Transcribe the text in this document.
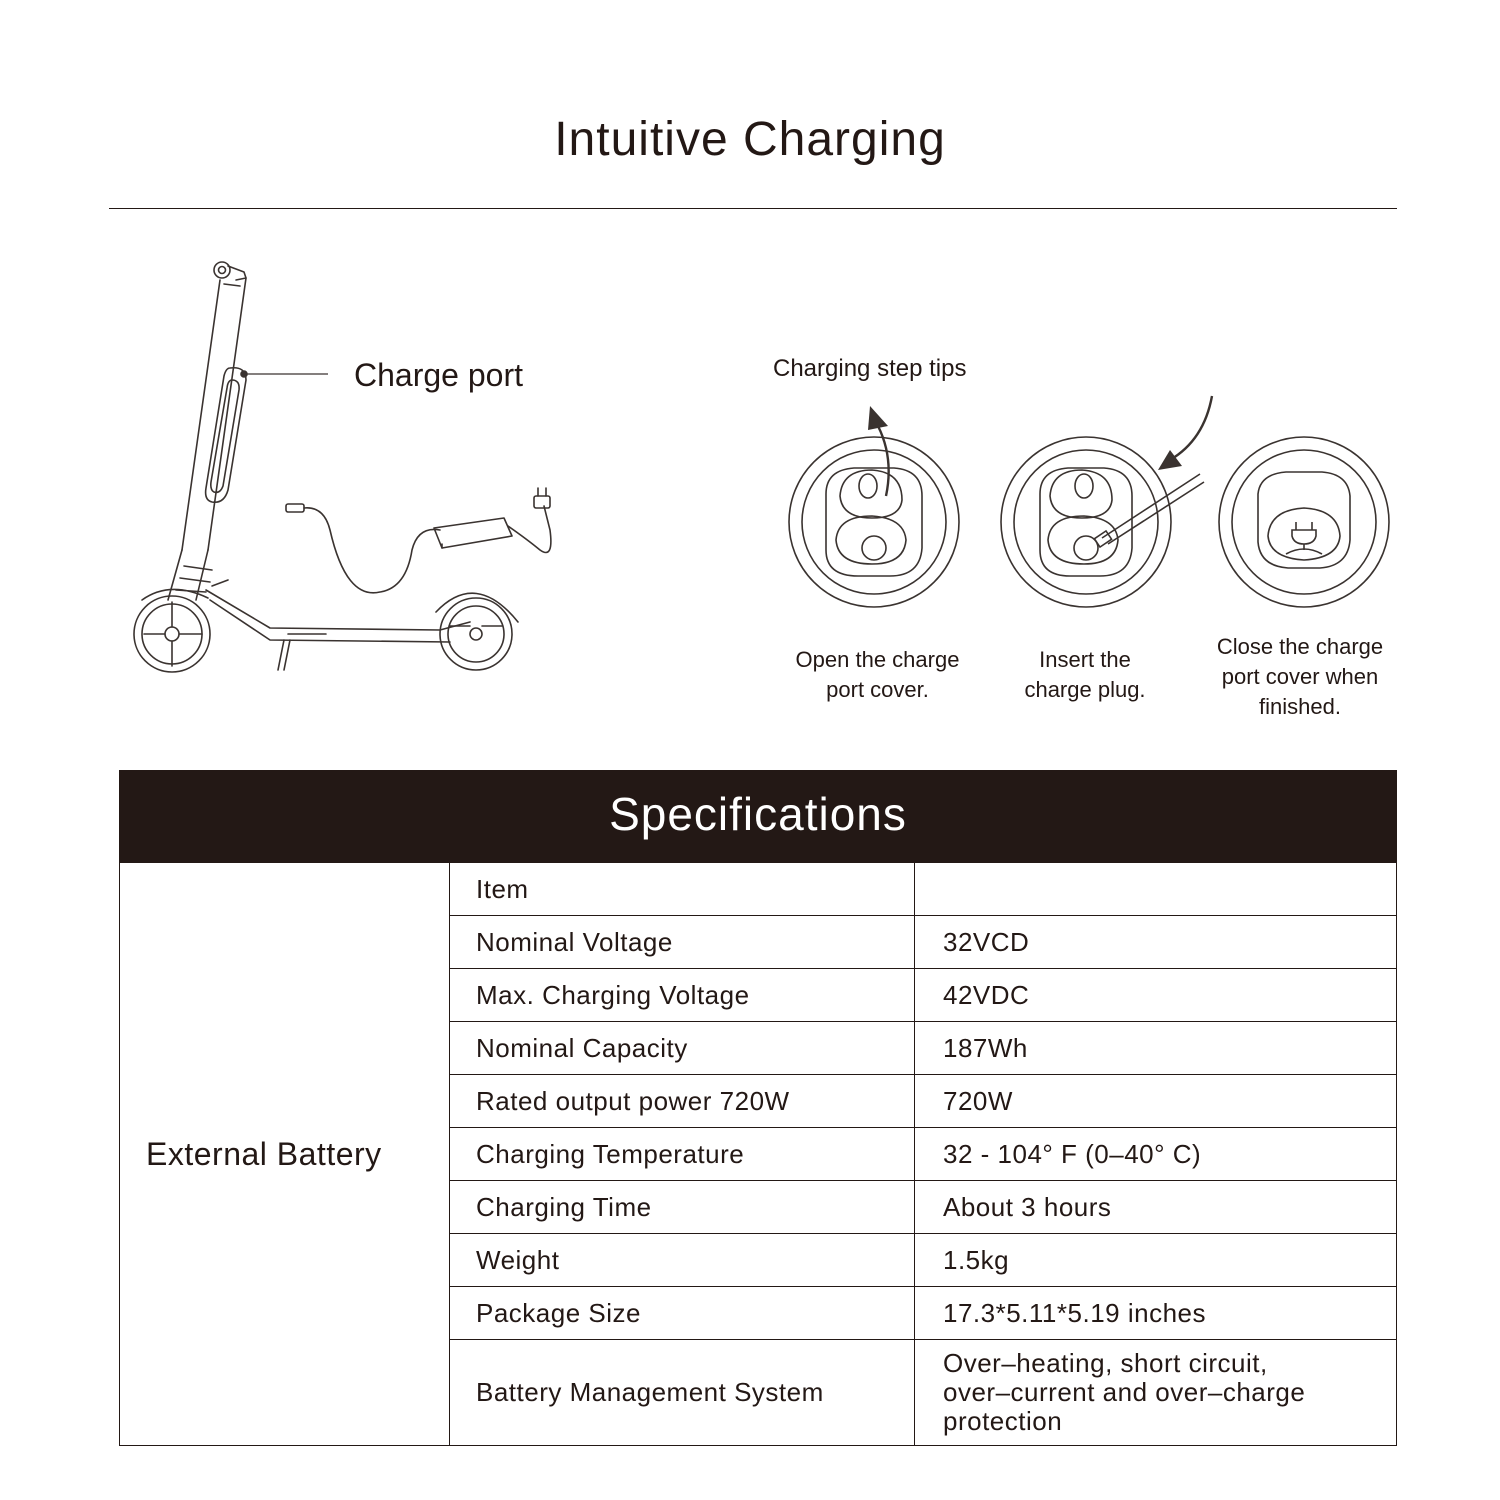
Intuitive Charging
Charge port	Charging step tips
Open the charge
port cover.
Insert the
charge plug.
Close the charge
port cover when
finished.
Specifications
External Battery	Item	
	Nominal Voltage	32VCD
	Max. Charging Voltage	42VDC
	Nominal Capacity	187Wh
	Rated output power 720W	720W
	Charging Temperature	32 - 104° F (0–40° C)
	Charging Time	About 3 hours
	Weight	1.5kg
	Package Size	17.3*5.11*5.19 inches
	Battery Management System	Over–heating, short circuit,
over–current and over–charge
protection
